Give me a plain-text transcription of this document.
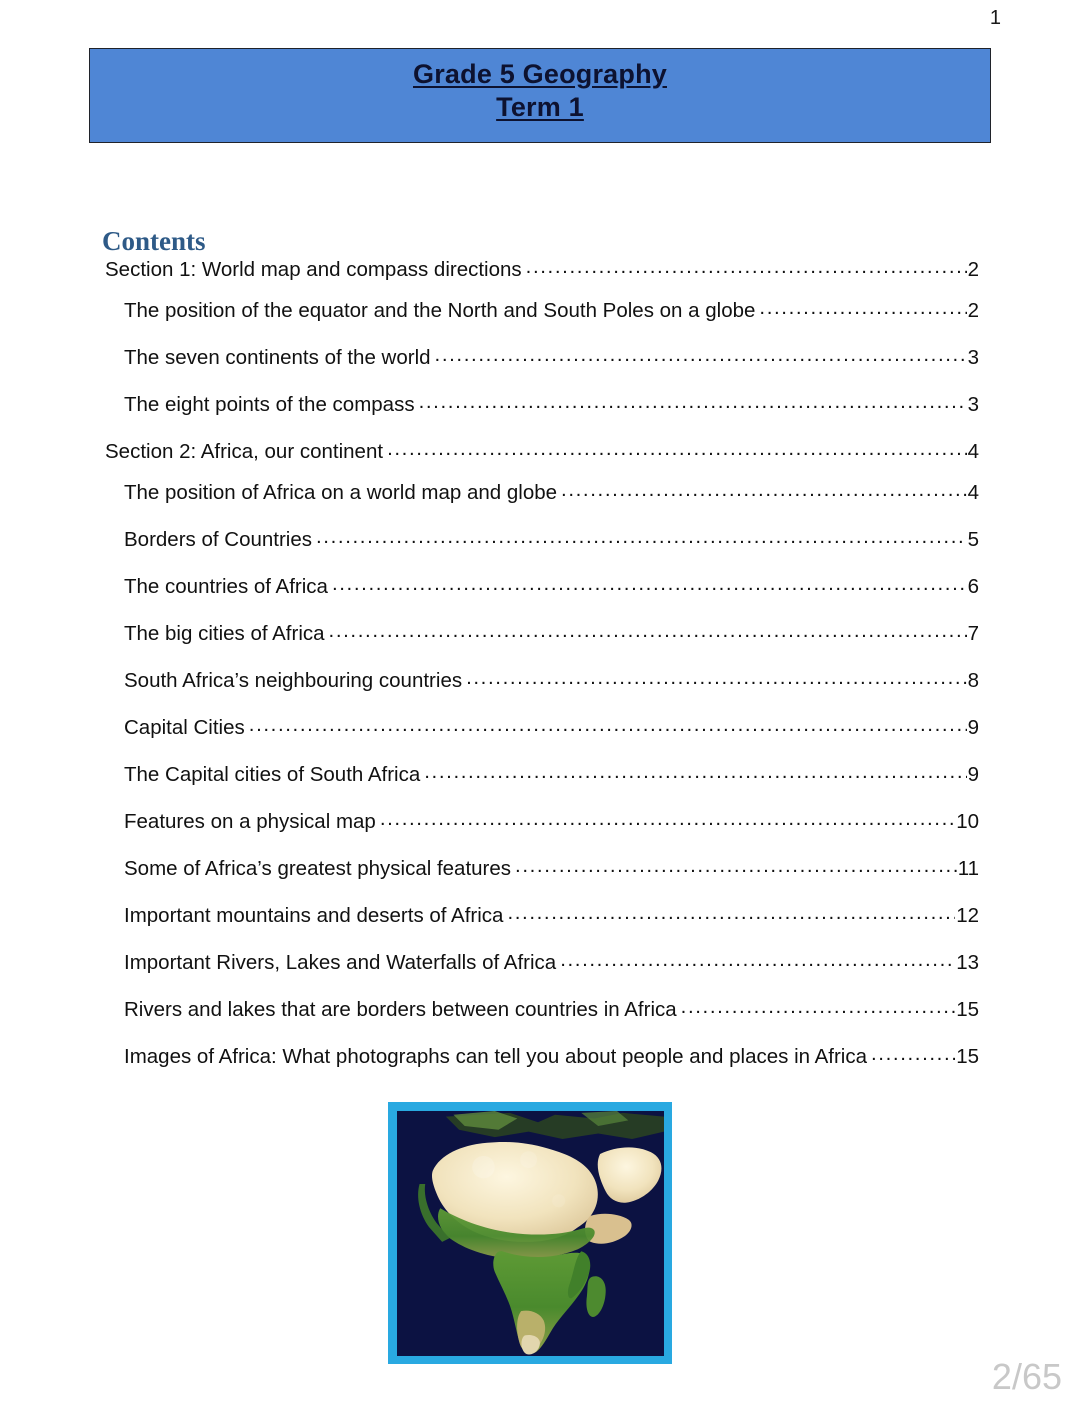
1
Grade 5 Geography
Term 1
Contents
Section 1: World map and compass directions .....	2
The position of the equator and the North and South Poles on a globe .....	2
The seven continents of the world .....	3
The eight points of the compass .....	3
Section 2: Africa, our continent .....	4
The position of Africa on a world map and globe .....	4
Borders of Countries .....	5
The countries of Africa .....	6
The big cities of Africa .....	7
South Africa’s neighbouring countries .....	8
Capital Cities .....	9
The Capital cities of South Africa .....	9
Features on a physical map .....	10
Some of Africa’s greatest physical features .....	11
Important mountains and deserts of Africa .....	12
Important Rivers, Lakes and Waterfalls of Africa .....	13
Rivers and lakes that are borders between countries in Africa .....	15
Images of Africa: What photographs can tell you about people and places in Africa .....	15
2/65
